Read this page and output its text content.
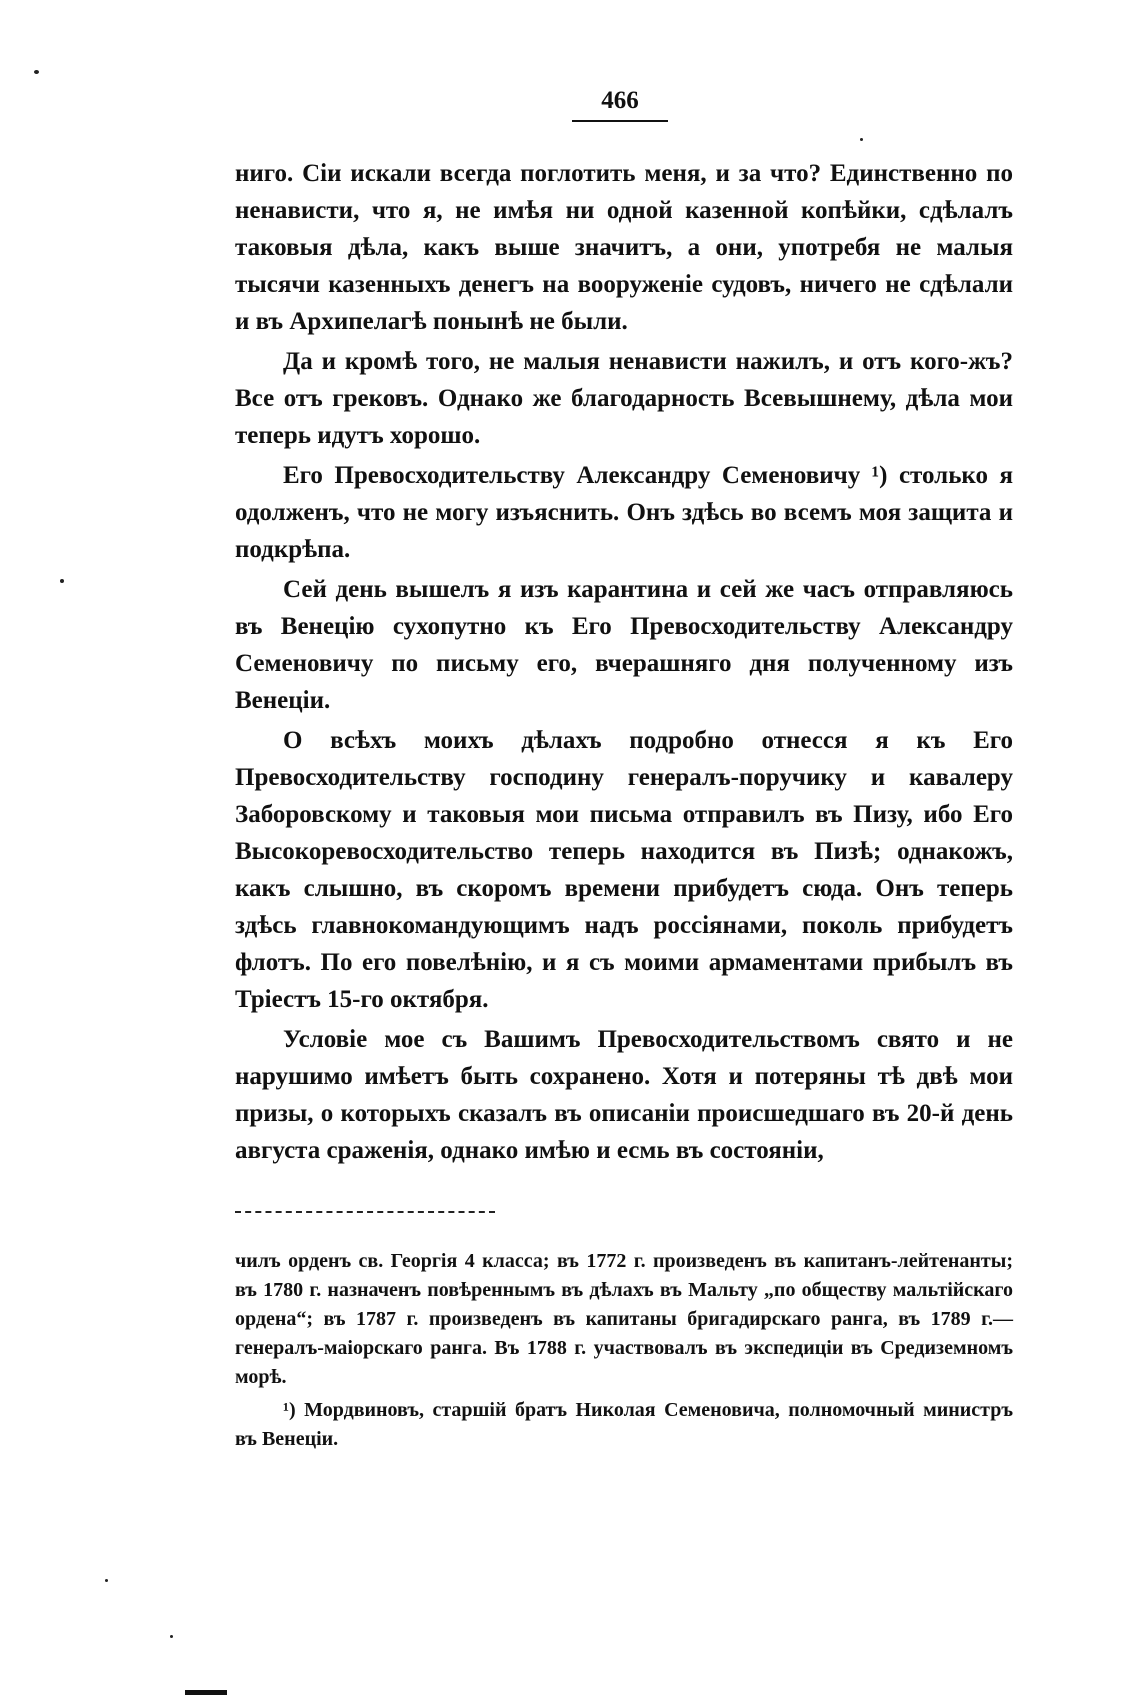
466

ниго. Сіи искали всегда поглотить меня, и за что? Единственно по ненависти, что я, не имѣя ни одной казенной копѣйки, сдѣлалъ таковыя дѣла, какъ выше значитъ, а они, употребя не малыя тысячи казенныхъ денегъ на вооруженіе судовъ, ничего не сдѣлали и въ Архипелагѣ понынѣ не были.

Да и кромѣ того, не малыя ненависти нажилъ, и отъ кого-жъ? Все отъ грековъ. Однако же благодарность Всевышнему, дѣла мои теперь идутъ хорошо.

Его Превосходительству Александру Семеновичу ¹) столько я одолженъ, что не могу изъяснить. Онъ здѣсь во всемъ моя защита и подкрѣпа.

Сей день вышелъ я изъ карантина и сей же часъ отправляюсь въ Венецію сухопутно къ Его Превосходительству Александру Семеновичу по письму его, вчерашняго дня полученному изъ Венеціи.

О всѣхъ моихъ дѣлахъ подробно отнесся я къ Его Превосходительству господину генералъ-поручику и кавалеру Заборовскому и таковыя мои письма отправилъ въ Пизу, ибо Его Высокоревосходительство теперь находится въ Пизѣ; однакожъ, какъ слышно, въ скоромъ времени прибудетъ сюда. Онъ теперь здѣсь главнокомандующимъ надъ россіянами, поколь прибудетъ флотъ. По его повелѣнію, и я съ моими армаментами прибылъ въ Тріестъ 15-го октября.

Условіе мое съ Вашимъ Превосходительствомъ свято и не нарушимо имѣетъ быть сохранено. Хотя и потеряны тѣ двѣ мои призы, о которыхъ сказалъ въ описаніи происшедшаго въ 20-й день августа сраженія, однако имѣю и есмь въ состояніи,

чилъ орденъ св. Георгія 4 класса; въ 1772 г. произведенъ въ капитанъ-лейтенанты; въ 1780 г. назначенъ повѣреннымъ въ дѣлахъ въ Мальту „по обществу мальтійскаго ордена“; въ 1787 г. произведенъ въ капитаны бригадирскаго ранга, въ 1789 г.—генералъ-маіорскаго ранга. Въ 1788 г. участвовалъ въ экспедиціи въ Средиземномъ морѣ.

¹) Мордвиновъ, старшій братъ Николая Семеновича, полномочный министръ въ Венеціи.
